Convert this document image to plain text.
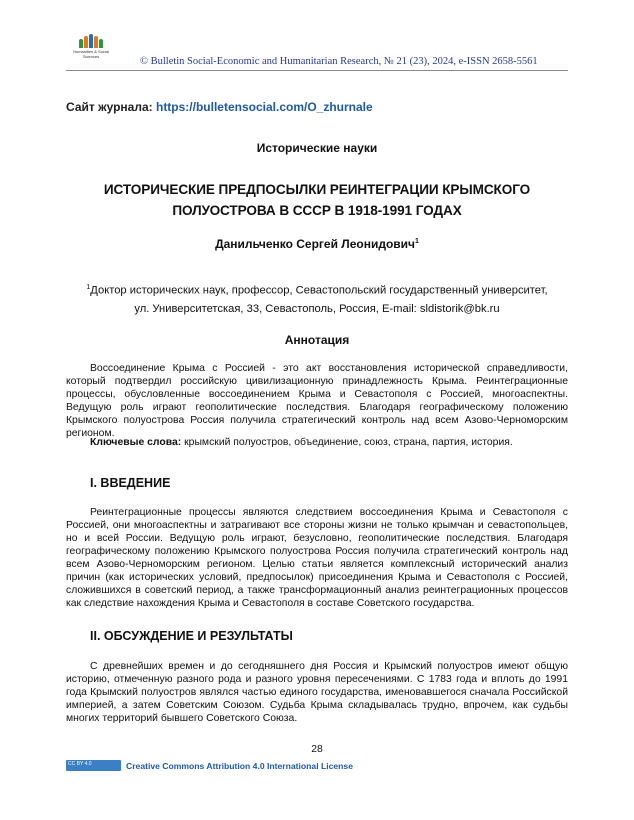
Humanities & Social
Sciences	© Bulletin Social-Economic and Humanitarian Research, № 21 (23), 2024, e-ISSN 2658-5561
Сайт журнала: https://bulletensocial.com/O_zhurnale
Исторические науки
ИСТОРИЧЕСКИЕ ПРЕДПОСЫЛКИ РЕИНТЕГРАЦИИ КРЫМСКОГО
ПОЛУОСТРОВА В СССР В 1918-1991 ГОДАХ
Данильченко Сергей Леонидович$^1$
$^1$Доктор исторических наук, профессор, Севастопольский государственный университет,
ул. Университетская, 33, Севастополь, Россия, E-mail: sldistorik@bk.ru
Аннотация

Воссоединение Крыма с Россией - это акт восстановления исторической справедливости, который подтвердил российскую цивилизационную принадлежность Крыма. Реинтеграционные процессы, обусловленные воссоединением Крыма и Севастополя с Россией, многоаспектны. Ведущую роль играют геополитические последствия. Благодаря географическому положению Крымского полуострова Россия получила стратегический контроль над всем Азово-Черноморским регионом.

Ключевые слова: крымский полуостров, объединение, союз, страна, партия, история.
I. ВВЕДЕНИЕ

Реинтеграционные процессы являются следствием воссоединения Крыма и Севастополя с Россией, они многоаспектны и затрагивают все стороны жизни не только крымчан и севастопольцев, но и всей России. Ведущую роль играют, безусловно, геополитические последствия. Благодаря географическому положению Крымского полуострова Россия получила стратегический контроль над всем Азово-Черноморским регионом. Целью статьи является комплексный исторический анализ причин (как исторических условий, предпосылок) присоединения Крыма и Севастополя с Россией, сложившихся в советский период, а также трансформационный анализ реинтеграционных процессов как следствие нахождения Крыма и Севастополя в составе Советского государства.

II. ОБСУЖДЕНИЕ И РЕЗУЛЬТАТЫ

С древнейших времен и до сегодняшнего дня Россия и Крымский полуостров имеют общую историю, отмеченную разного рода и разного уровня пересечениями. С 1783 года и вплоть до 1991 года Крымский полуостров являлся частью единого государства, именовавшегося сначала Российской империей, а затем Советским Союзом. Судьба Крыма складывалась трудно, впрочем, как судьбы многих территорий бывшего Советского Союза.

28
CC BY 4.0	Creative Commons Attribution 4.0 International License
